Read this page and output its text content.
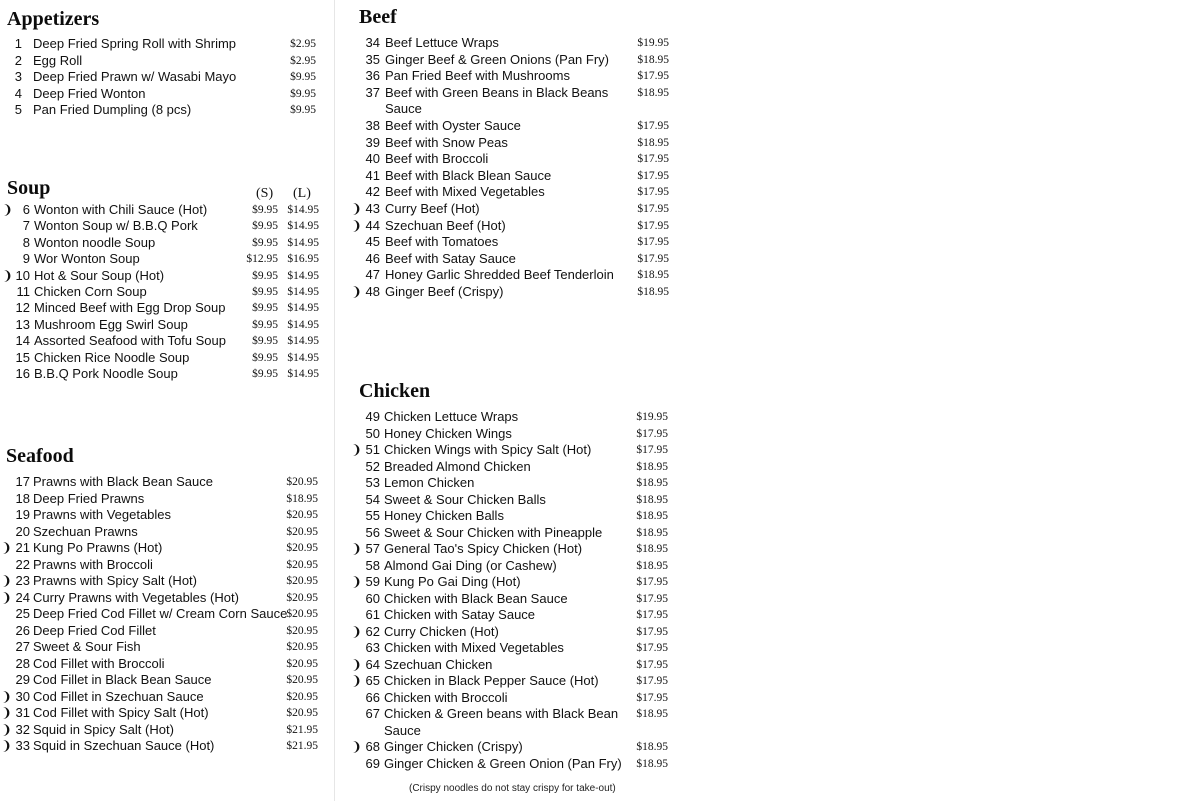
Appetizers
1 Deep Fried Spring Roll with Shrimp	$2.95
2 Egg Roll	$2.95
3 Deep Fried Prawn w/ Wasabi Mayo	$9.95
4 Deep Fried Wonton	$9.95
5 Pan Fried Dumpling (8 pcs)	$9.95
Soup	(S) (L)
❩ 6 Wonton with Chili Sauce (Hot)	$9.95 $14.95
7 Wonton Soup w/ B.B.Q Pork	$9.95 $14.95
8 Wonton noodle Soup	$9.95 $14.95
9 Wor Wonton Soup	$12.95 $16.95
❩ 10 Hot & Sour Soup (Hot)	$9.95 $14.95
11 Chicken Corn Soup	$9.95 $14.95
12 Minced Beef with Egg Drop Soup	$9.95 $14.95
13 Mushroom Egg Swirl Soup	$9.95 $14.95
14 Assorted Seafood with Tofu Soup	$9.95 $14.95
15 Chicken Rice Noodle Soup	$9.95 $14.95
16 B.B.Q Pork Noodle Soup	$9.95 $14.95
Seafood
17 Prawns with Black Bean Sauce	$20.95
18 Deep Fried Prawns	$18.95
19 Prawns with Vegetables	$20.95
20 Szechuan Prawns	$20.95
❩ 21 Kung Po Prawns (Hot)	$20.95
22 Prawns with Broccoli	$20.95
❩ 23 Prawns with Spicy Salt (Hot)	$20.95
❩ 24 Curry Prawns with Vegetables (Hot)	$20.95
25 Deep Fried Cod Fillet w/ Cream Corn Sauce $20.95
26 Deep Fried Cod Fillet	$20.95
27 Sweet & Sour Fish	$20.95
28 Cod Fillet with Broccoli	$20.95
29 Cod Fillet in Black Bean Sauce	$20.95
❩ 30 Cod Fillet in Szechuan Sauce	$20.95
❩ 31 Cod Fillet with Spicy Salt (Hot)	$20.95
❩ 32 Squid in Spicy Salt (Hot)	$21.95
❩ 33 Squid in Szechuan Sauce (Hot)	$21.95
Beef
34 Beef Lettuce Wraps	$19.95
35 Ginger Beef & Green Onions (Pan Fry)	$18.95
36 Pan Fried Beef with Mushrooms	$17.95
37 Beef with Green Beans in Black Beans	$18.95
Sauce
38 Beef with Oyster Sauce	$17.95
39 Beef with Snow Peas	$18.95
40 Beef with Broccoli	$17.95
41 Beef with Black Blean Sauce	$17.95
42 Beef with Mixed Vegetables	$17.95
❩ 43 Curry Beef (Hot)	$17.95
❩ 44 Szechuan Beef (Hot)	$17.95
45 Beef with Tomatoes	$17.95
46 Beef with Satay Sauce	$17.95
47 Honey Garlic Shredded Beef Tenderloin	$18.95
❩ 48 Ginger Beef (Crispy)	$18.95
Chicken
49 Chicken Lettuce Wraps	$19.95
50 Honey Chicken Wings	$17.95
❩ 51 Chicken Wings with Spicy Salt (Hot)	$17.95
52 Breaded Almond Chicken	$18.95
53 Lemon Chicken	$18.95
54 Sweet & Sour Chicken Balls	$18.95
55 Honey Chicken Balls	$18.95
56 Sweet & Sour Chicken with Pineapple	$18.95
❩ 57 General Tao's Spicy Chicken (Hot)	$18.95
58 Almond Gai Ding (or Cashew)	$18.95
❩ 59 Kung Po Gai Ding (Hot)	$17.95
60 Chicken with Black Bean Sauce	$17.95
61 Chicken with Satay Sauce	$17.95
❩ 62 Curry Chicken (Hot)	$17.95
63 Chicken with Mixed Vegetables	$17.95
❩ 64 Szechuan Chicken	$17.95
❩ 65 Chicken in Black Pepper Sauce (Hot)	$17.95
66 Chicken with Broccoli	$17.95
67 Chicken & Green beans with Black Bean	$18.95
Sauce
❩ 68 Ginger Chicken (Crispy)	$18.95
69 Ginger Chicken & Green Onion (Pan Fry)	$18.95
(Crispy noodles do not stay crispy for take-out)
